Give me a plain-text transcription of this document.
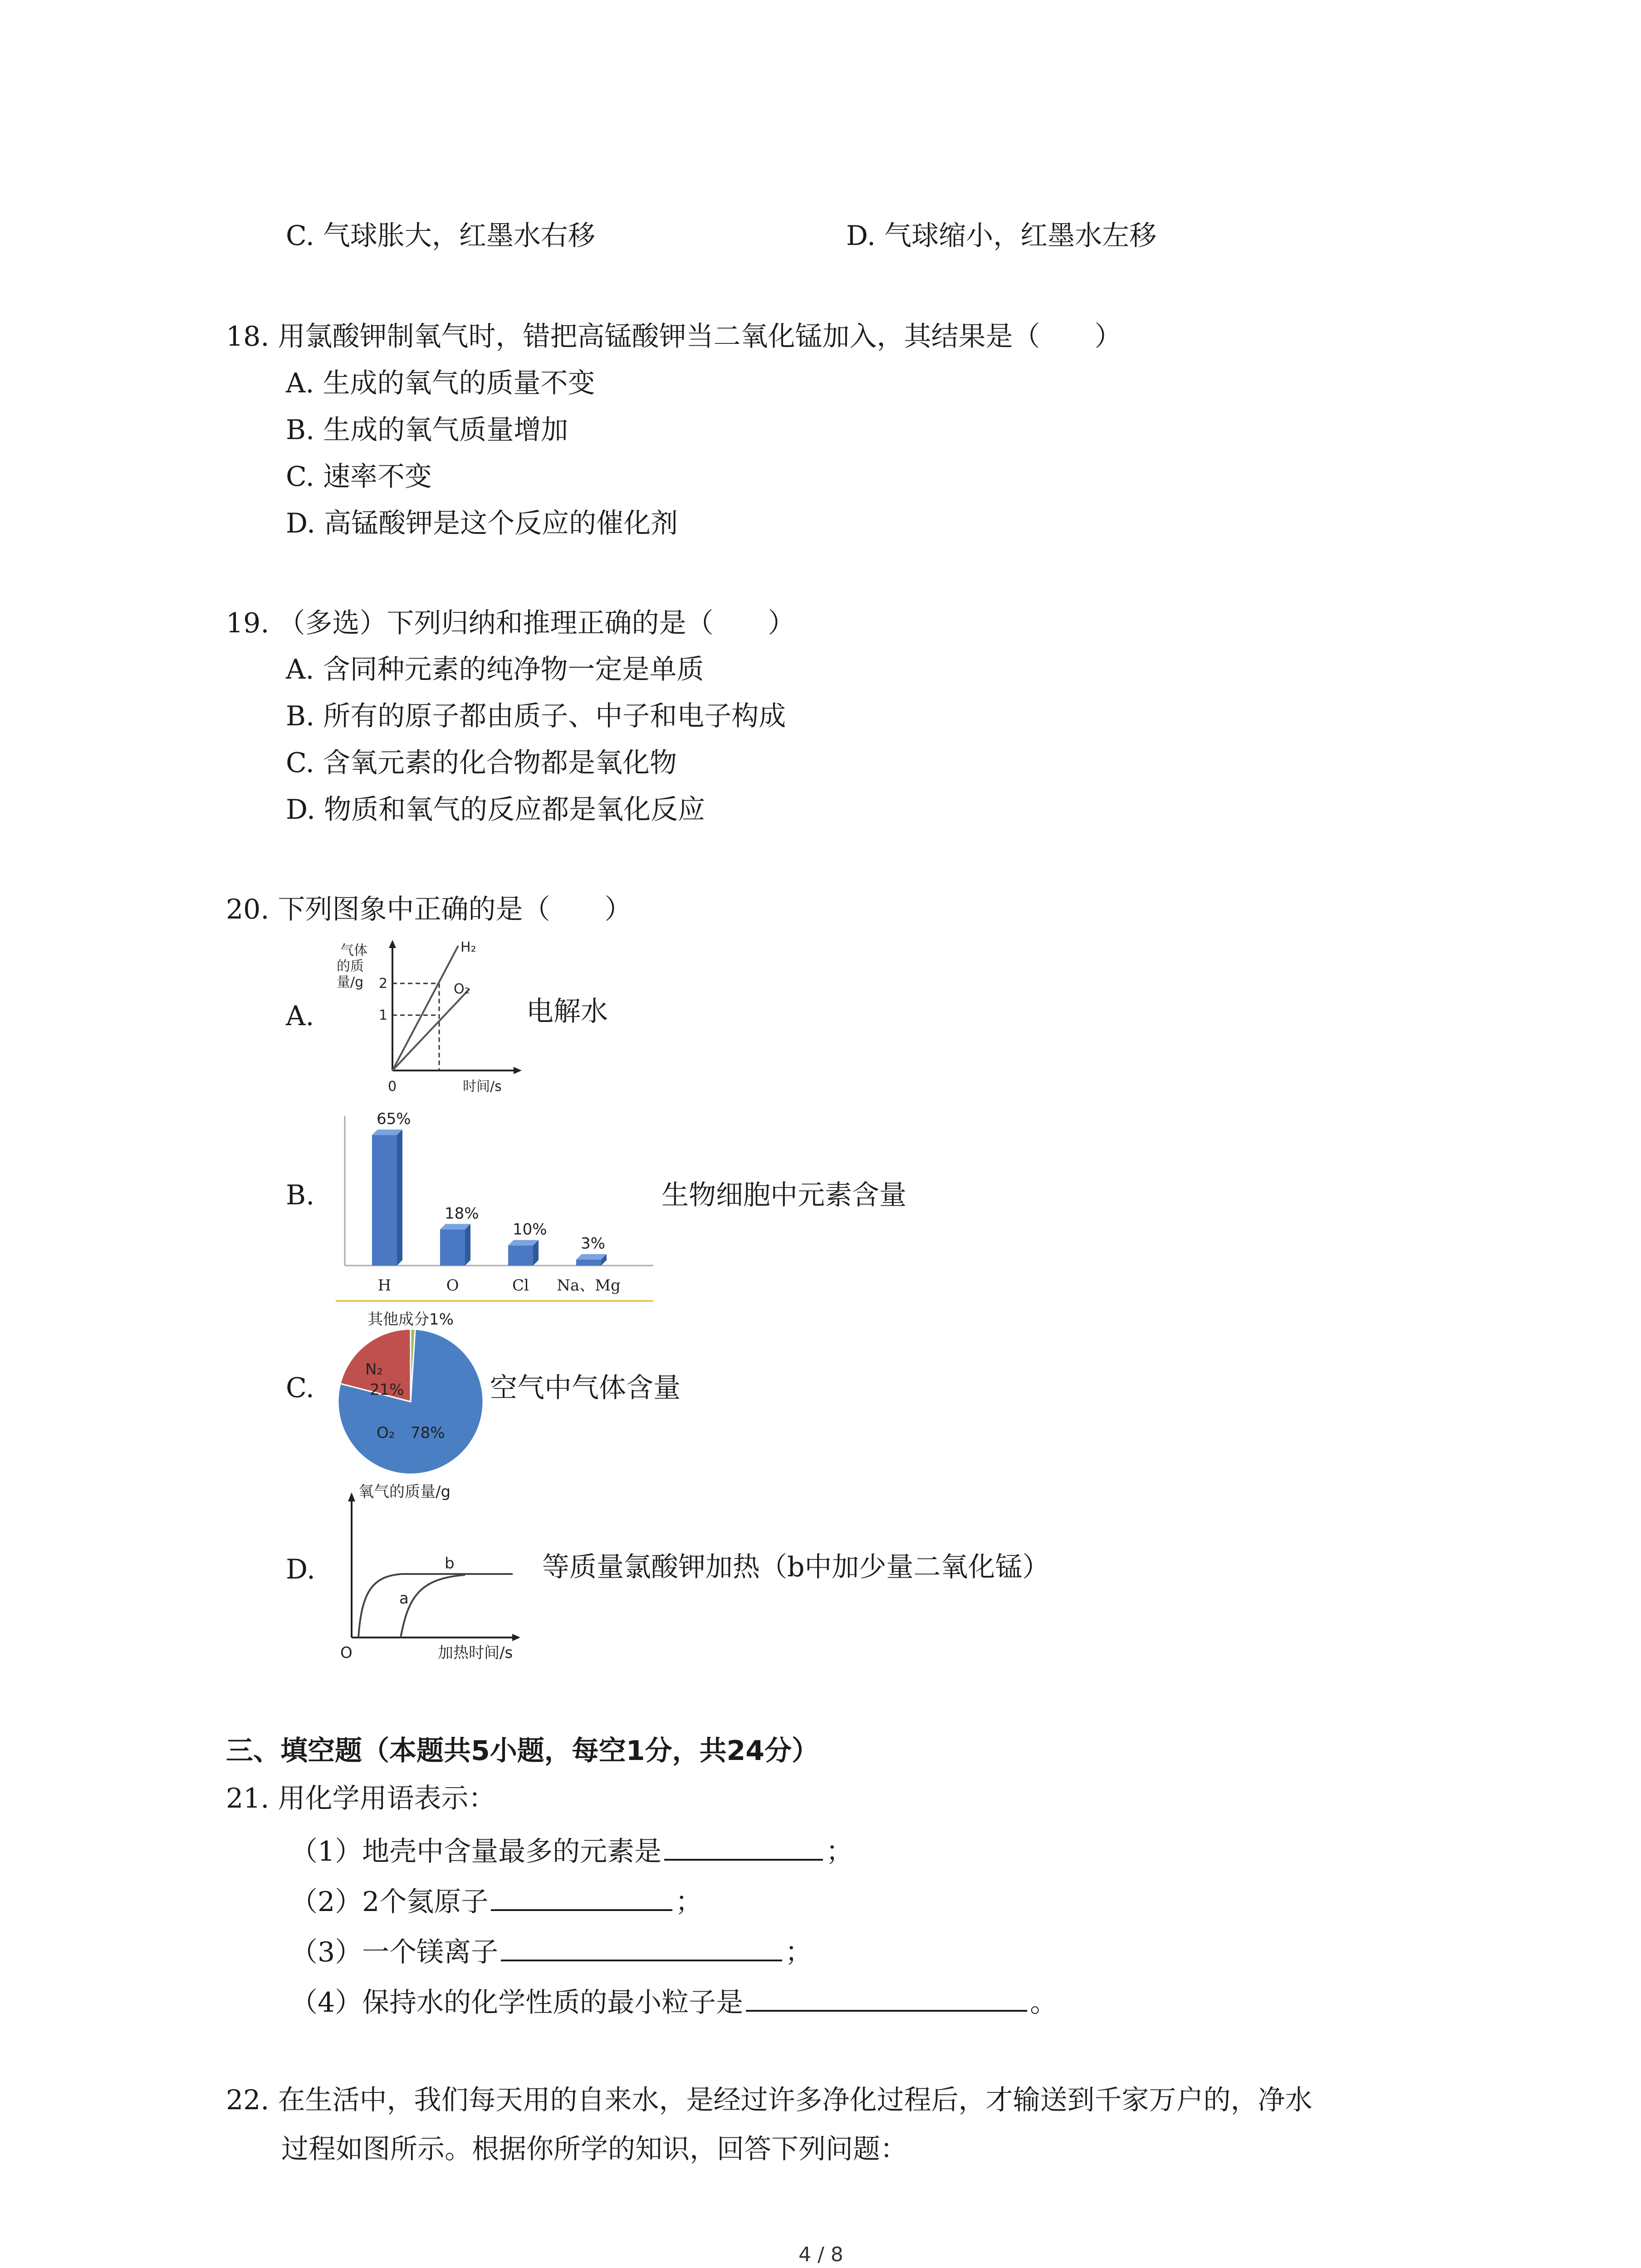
C. 气球胀大，红墨水右移	D. 气球缩小，红墨水左移
18. 用氯酸钾制氧气时，错把高锰酸钾当二氧化锰加入，其结果是（　　）
A. 生成的氧气的质量不变
B. 生成的氧气质量增加
C. 速率不变
D. 高锰酸钾是这个反应的催化剂
19. （多选）下列归纳和推理正确的是（　　）
A. 含同种元素的纯净物一定是单质
B. 所有的原子都由质子、中子和电子构成
C. 含氧元素的化合物都是氧化物
D. 物质和氧气的反应都是氧化反应
20. 下列图象中正确的是（　　）
A.
气体
的质
量/g 2
1
0
H₂
O₂
时间/s
电解水
B.
65%
18%
10%
3%
H	O	Cl Na、Mg
生物细胞中元素含量
C.
其他成分1%
N₂
21%
O₂ 78%
空气中气体含量
D.
氧气的质量/g
b
a
O	加热时间/s
等质量氯酸钾加热（b中加少量二氧化锰）
三、填空题（本题共5小题，每空1分，共24分）
21. 用化学用语表示：
（1）地壳中含量最多的元素是	；
（2）2个氦原子	；
（3）一个镁离子	；
（4）保持水的化学性质的最小粒子是	。
22. 在生活中，我们每天用的自来水，是经过许多净化过程后，才输送到千家万户的，净水
过程如图所示。根据你所学的知识，回答下列问题：
4 / 8
